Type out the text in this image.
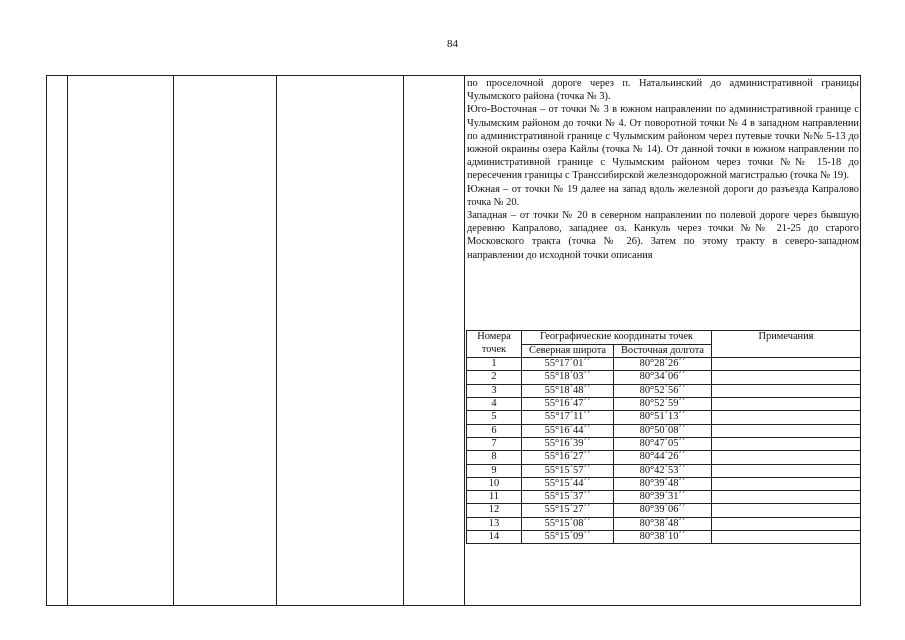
84

по проселочной дороге через п. Натальинский до административной границы Чулымского района (точка № 3).

Юго-Восточная – от точки № 3 в южном направлении по административной границе с Чулымским районом до точки № 4. От поворотной точки № 4 в западном направлении по административной границе с Чулымским районом через путевые точки №№ 5-13 до южной окраины озера Кайлы (точка № 14). От данной точки в южном направлении по административной границе с Чулымским районом через точки №№ 15-18 до пересечения границы с Транссибирской железнодорожной магистралью (точка № 19).

Южная – от точки № 19 далее на запад вдоль железной дороги до разъезда Капралово точка № 20.

Западная – от точки № 20 в северном направлении по полевой дороге через бывшую деревню Капралово, западнее оз. Канкуль через точки №№ 21-25 до старого Московского тракта (точка № 26). Затем по этому тракту в северо-западном направлении до исходной точки описания

Номера точек	Географические координаты точек		Примечания
	Северная широта	Восточная долгота	
1	55°17´01´´	80°28´26´´	
2	55°18´03´´	80°34´06´´	
3	55°18´48´´	80°52´56´´	
4	55°16´47´´	80°52´59´´	
5	55°17´11´´	80°51´13´´	
6	55°16´44´´	80°50´08´´	
7	55°16´39´´	80°47´05´´	
8	55°16´27´´	80°44´26´´	
9	55°15´57´´	80°42´53´´	
10	55°15´44´´	80°39´48´´	
11	55°15´37´´	80°39´31´´	
12	55°15´27´´	80°39´06´´	
13	55°15´08´´	80°38´48´´	
14	55°15´09´´	80°38´10´´	
